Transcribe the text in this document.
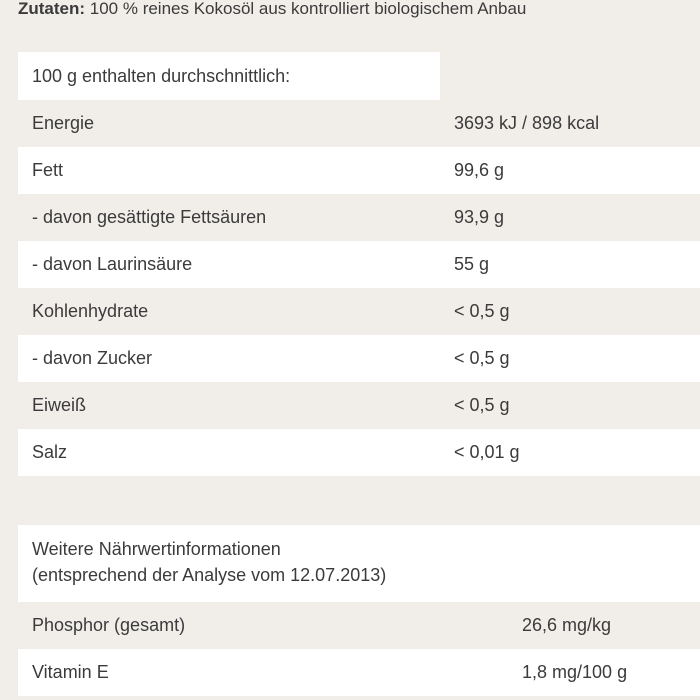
Zutaten: 100 % reines Kokosöl aus kontrolliert biologischem Anbau
100 g enthalten durchschnittlich:
Energie	3693 kJ / 898 kcal
Fett	99,6 g
- davon gesättigte Fettsäuren	93,9 g
- davon Laurinsäure	55 g
Kohlenhydrate	< 0,5 g
- davon Zucker	< 0,5 g
Eiweiß	< 0,5 g
Salz	< 0,01 g
Weitere Nährwertinformationen
(entsprechend der Analyse vom 12.07.2013)
Phosphor (gesamt)	26,6 mg/kg
Vitamin E	1,8 mg/100 g
